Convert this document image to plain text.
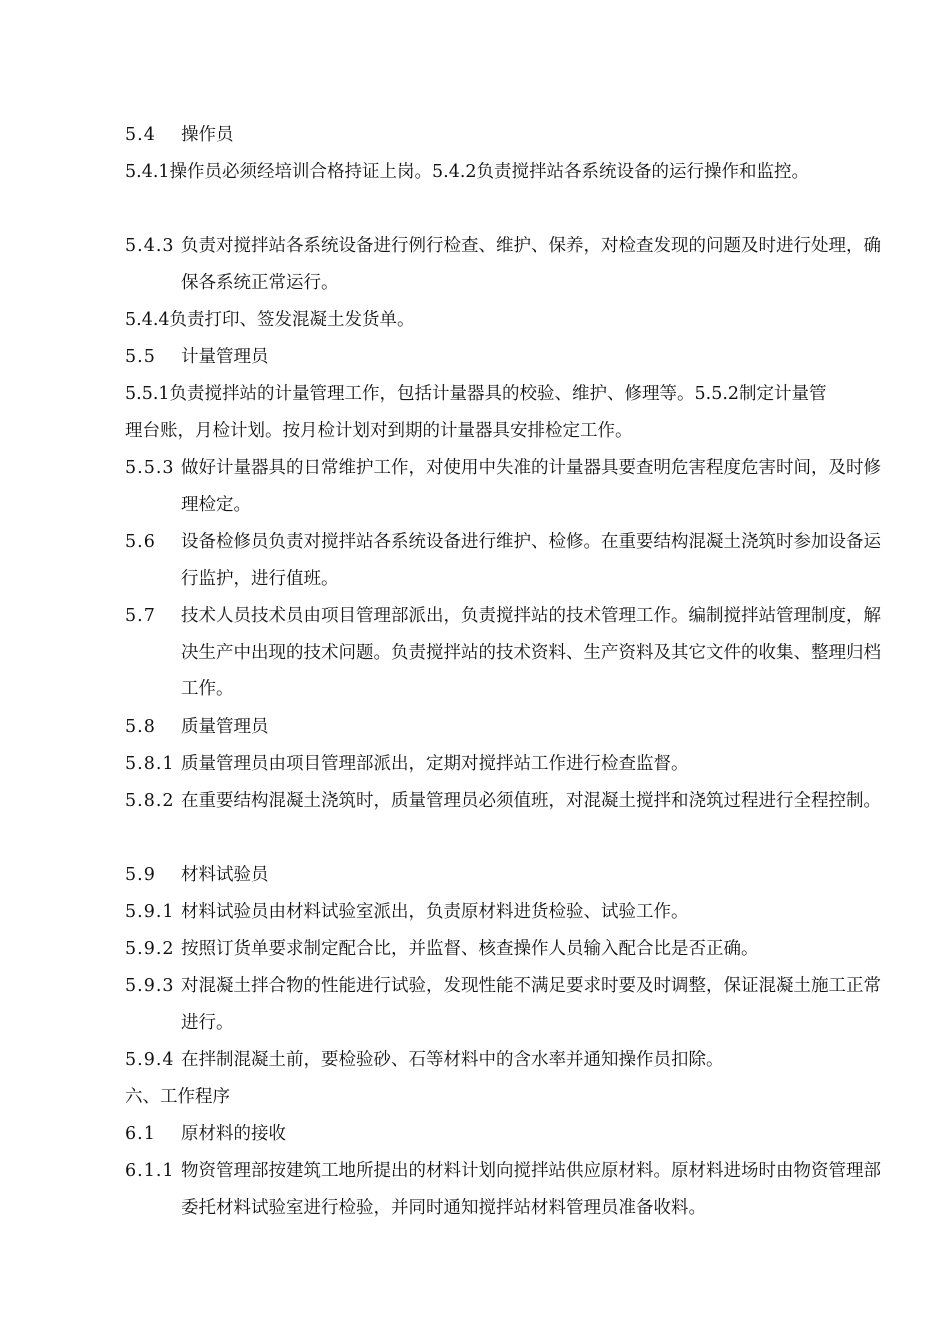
5.4 操作员
5.4.1操作员必须经培训合格持证上岗。5.4.2负责搅拌站各系统设备的运行操作和监控。
5.4.3 负责对搅拌站各系统设备进行例行检查、维护、保养，对检查发现的问题及时进行处理，确保各系统正常运行。
5.4.4负责打印、签发混凝土发货单。
5.5 计量管理员
5.5.1负责搅拌站的计量管理工作，包括计量器具的校验、维护、修理等。5.5.2制定计量管理台账，月检计划。按月检计划对到期的计量器具安排检定工作。
5.5.3 做好计量器具的日常维护工作，对使用中失准的计量器具要查明危害程度危害时间，及时修理检定。
5.6 设备检修员负责对搅拌站各系统设备进行维护、检修。在重要结构混凝土浇筑时参加设备运行监护，进行值班。
5.7 技术人员技术员由项目管理部派出，负责搅拌站的技术管理工作。编制搅拌站管理制度，解决生产中出现的技术问题。负责搅拌站的技术资料、生产资料及其它文件的收集、整理归档工作。
5.8 质量管理员
5.8.1 质量管理员由项目管理部派出，定期对搅拌站工作进行检查监督。
5.8.2 在重要结构混凝土浇筑时，质量管理员必须值班，对混凝土搅拌和浇筑过程进行全程控制。
5.9 材料试验员
5.9.1 材料试验员由材料试验室派出，负责原材料进货检验、试验工作。
5.9.2 按照订货单要求制定配合比，并监督、核查操作人员输入配合比是否正确。
5.9.3 对混凝土拌合物的性能进行试验，发现性能不满足要求时要及时调整，保证混凝土施工正常进行。
5.9.4 在拌制混凝土前，要检验砂、石等材料中的含水率并通知操作员扣除。
六、工作程序
6.1 原材料的接收
6.1.1 物资管理部按建筑工地所提出的材料计划向搅拌站供应原材料。原材料进场时由物资管理部委托材料试验室进行检验，并同时通知搅拌站材料管理员准备收料。
